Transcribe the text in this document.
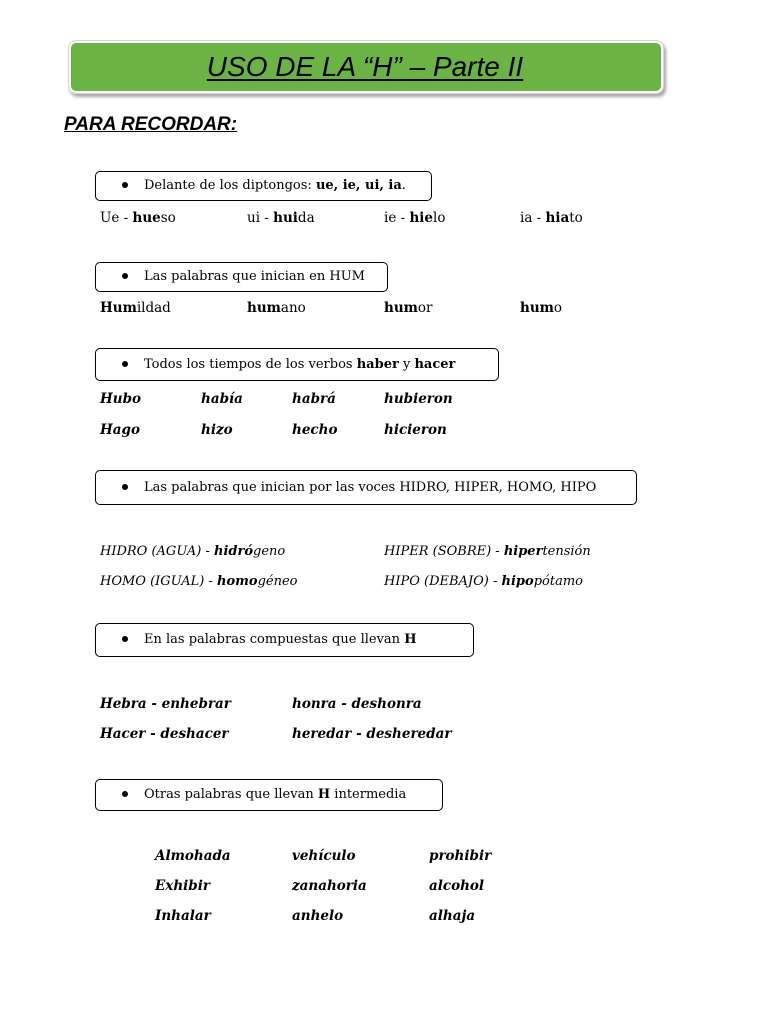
USO DE LA “H” – Parte II
PARA RECORDAR:
Delante de los diptongos: ue, ie, ui, ia.
Ue - hueso	ui - huida	ie - hielo	ia - hiato
Las palabras que inician en HUM
Humildad	humano	humor	humo
Todos los tiempos de los verbos haber y hacer
Hubo	había	habrá	hubieron
Hago	hizo	hecho	hicieron
Las palabras que inician por las voces HIDRO, HIPER, HOMO, HIPO
HIDRO (AGUA) - hidrógeno	HIPER (SOBRE) - hipertensión
HOMO (IGUAL) - homogéneo	HIPO (DEBAJO) - hipopótamo
En las palabras compuestas que llevan H
Hebra - enhebrar	honra - deshonra
Hacer - deshacer	heredar - desheredar
Otras palabras que llevan H intermedia
Almohada	vehículo	prohibir
Exhibir	zanahoria	alcohol
Inhalar	anhelo	alhaja
